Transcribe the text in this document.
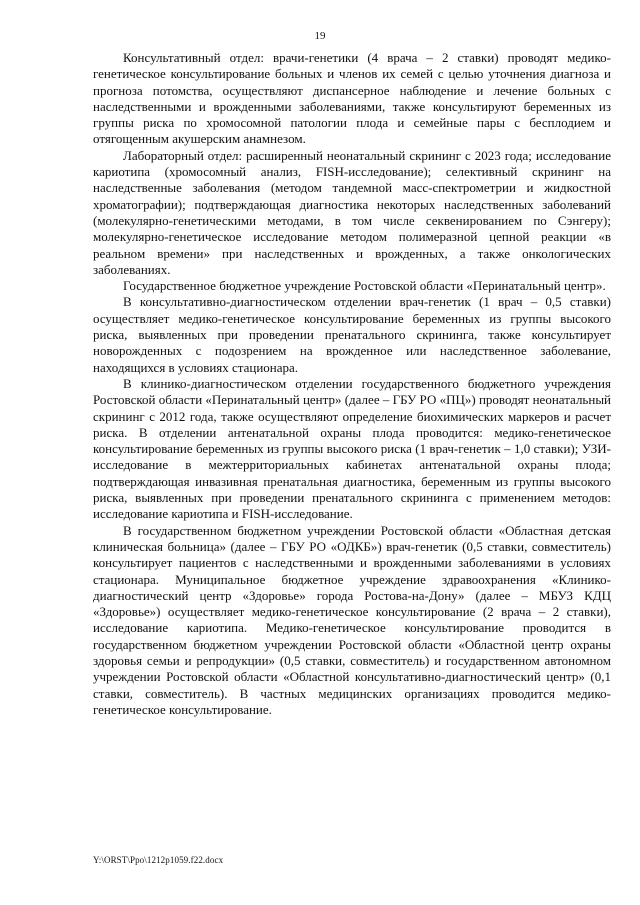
19

Консультативный отдел: врачи-генетики (4 врача – 2 ставки) проводят медико-генетическое консультирование больных и членов их семей с целью уточнения диагноза и прогноза потомства, осуществляют диспансерное наблюдение и лечение больных с наследственными и врожденными заболеваниями, также консультируют беременных из группы риска по хромосомной патологии плода и семейные пары с бесплодием и отягощенным акушерским анамнезом.

Лабораторный отдел: расширенный неонатальный скрининг с 2023 года; исследование кариотипа (хромосомный анализ, FISH-исследование); селективный скрининг на наследственные заболевания (методом тандемной масс-спектрометрии и жидкостной хроматографии); подтверждающая диагностика некоторых наследственных заболеваний (молекулярно-генетическими методами, в том числе секвенированием по Сэнгеру); молекулярно-генетическое исследование методом полимеразной цепной реакции «в реальном времени» при наследственных и врожденных, а также онкологических заболеваниях.

Государственное бюджетное учреждение Ростовской области «Перинатальный центр».

В консультативно-диагностическом отделении врач-генетик (1 врач – 0,5 ставки) осуществляет медико-генетическое консультирование беременных из группы высокого риска, выявленных при проведении пренатального скрининга, также консультирует новорожденных с подозрением на врожденное или наследственное заболевание, находящихся в условиях стационара.

В клинико-диагностическом отделении государственного бюджетного учреждения Ростовской области «Перинатальный центр» (далее – ГБУ РО «ПЦ») проводят неонатальный скрининг с 2012 года, также осуществляют определение биохимических маркеров и расчет риска. В отделении антенатальной охраны плода проводится: медико-генетическое консультирование беременных из группы высокого риска (1 врач-генетик – 1,0 ставки); УЗИ-исследование в межтерриториальных кабинетах антенатальной охраны плода; подтверждающая инвазивная пренатальная диагностика, беременным из группы высокого риска, выявленных при проведении пренатального скрининга с применением методов: исследование кариотипа и FISH-исследование.

В государственном бюджетном учреждении Ростовской области «Областная детская клиническая больница» (далее – ГБУ РО «ОДКБ») врач-генетик (0,5 ставки, совместитель) консультирует пациентов с наследственными и врожденными заболеваниями в условиях стационара. Муниципальное бюджетное учреждение здравоохранения «Клинико-диагностический центр «Здоровье» города Ростова-на-Дону» (далее – МБУЗ КДЦ «Здоровье») осуществляет медико-генетическое консультирование (2 врача – 2 ставки), исследование кариотипа. Медико-генетическое консультирование проводится в государственном бюджетном учреждении Ростовской области «Областной центр охраны здоровья семьи и репродукции» (0,5 ставки, совместитель) и государственном автономном учреждении Ростовской области «Областной консультативно-диагностический центр» (0,1 ставки, совместитель). В частных медицинских организациях проводится медико-генетическое консультирование.

Y:\ORST\Ppo\1212p1059.f22.docx
